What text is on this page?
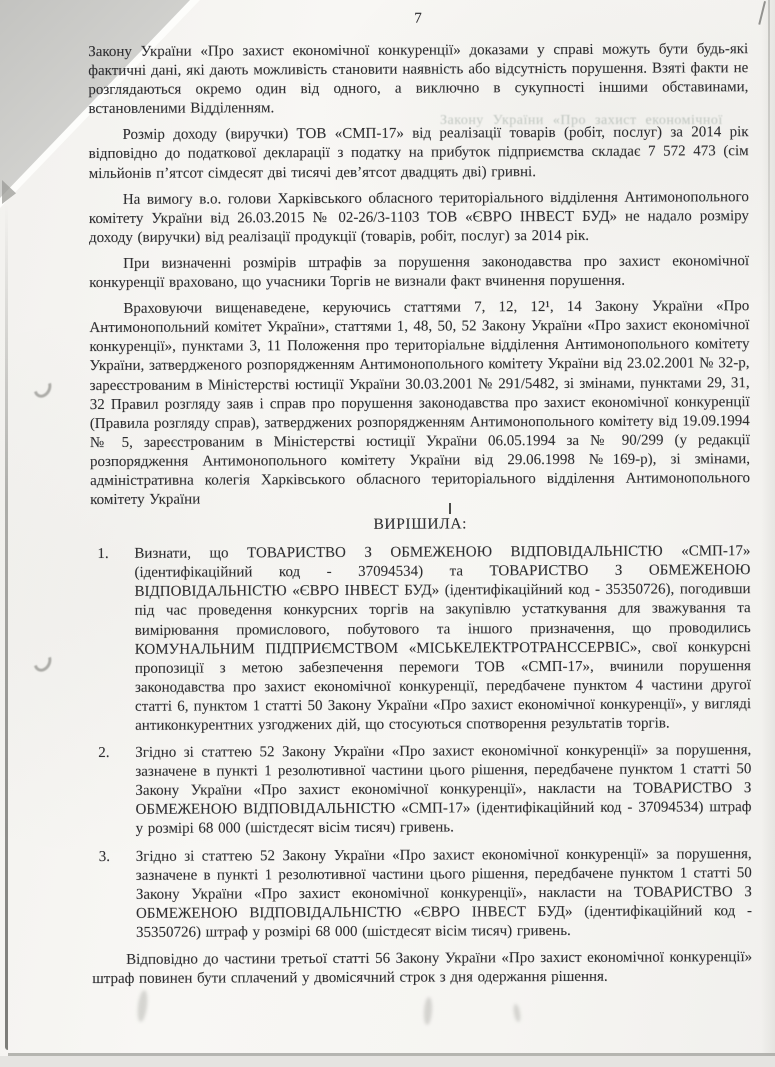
Закону України «Про захист економічної
7

Закону України «Про захист економічної конкуренції» доказами у справі можуть бути будь-які фактичні дані, які дають можливість становити наявність або відсутність порушення. Взяті факти не розглядаються окремо один від одного, а виключно в сукупності іншими обставинами, встановленими Відділенням.

Розмір доходу (виручки) ТОВ «СМП-17» від реалізації товарів (робіт, послуг) за 2014 рік відповідно до податкової декларації з податку на прибуток підприємства складає 7 572 473 (сім мільйонів п’ятсот сімдесят дві тисячі дев’ятсот двадцять дві) гривні.

На вимогу в.о. голови Харківського обласного територіального відділення Антимонопольного комітету України від 26.03.2015 № 02-26/3-1103 ТОВ «ЄВРО ІНВЕСТ БУД» не надало розміру доходу (виручки) від реалізації продукції (товарів, робіт, послуг) за 2014 рік.

При визначенні розмірів штрафів за порушення законодавства про захист економічної конкуренції враховано, що учасники Торгів не визнали факт вчинення порушення.

Враховуючи вищенаведене, керуючись статтями 7, 12, 12¹, 14 Закону України «Про Антимонопольний комітет України», статтями 1, 48, 50, 52 Закону України «Про захист економічної конкуренції», пунктами 3, 11 Положення про територіальне відділення Антимонопольного комітету України, затвердженого розпорядженням Антимонопольного комітету України від 23.02.2001 № 32-р, зареєстрованим в Міністерстві юстиції України 30.03.2001 № 291/5482, зі змінами, пунктами 29, 31, 32 Правил розгляду заяв і справ про порушення законодавства про захист економічної конкуренції (Правила розгляду справ), затверджених розпорядженням Антимонопольного комітету від 19.09.1994 № 5, зареєстрованим в Міністерстві юстиції України 06.05.1994 за № 90/299 (у редакції розпорядження Антимонопольного комітету України від 29.06.1998 №169-р), зі змінами, адміністративна колегія Харківського обласного територіального відділення Антимонопольного комітету України

ВИРІШИЛА:
1.	Визнати, що ТОВАРИСТВО З ОБМЕЖЕНОЮ ВІДПОВІДАЛЬНІСТЮ «СМП-17» (ідентифікаційний код - 37094534) та ТОВАРИСТВО З ОБМЕЖЕНОЮ ВІДПОВІДАЛЬНІСТЮ «ЄВРО ІНВЕСТ БУД» (ідентифікаційний код - 35350726), погодивши під час проведення конкурсних торгів на закупівлю устаткування для зважування та вимірювання промислового, побутового та іншого призначення, що проводились КОМУНАЛЬНИМ ПІДПРИЄМСТВОМ «МІСЬКЕЛЕКТРОТРАНССЕРВІС», свої конкурсні пропозиції з метою забезпечення перемоги ТОВ «СМП-17», вчинили порушення законодавства про захист економічної конкуренції, передбачене пунктом 4 частини другої статті 6, пунктом 1 статті 50 Закону України «Про захист економічної конкуренції», у вигляді антиконкурентних узгоджених дій, що стосуються спотворення результатів торгів.
2.	Згідно зі статтею 52 Закону України «Про захист економічної конкуренції» за порушення, зазначене в пункті 1 резолютивної частини цього рішення, передбачене пунктом 1 статті 50 Закону України «Про захист економічної конкуренції», накласти на ТОВАРИСТВО З ОБМЕЖЕНОЮ ВІДПОВІДАЛЬНІСТЮ «СМП-17» (ідентифікаційний код - 37094534) штраф у розмірі 68 000 (шістдесят вісім тисяч) гривень.
3.	Згідно зі статтею 52 Закону України «Про захист економічної конкуренції» за порушення, зазначене в пункті 1 резолютивної частини цього рішення, передбачене пунктом 1 статті 50 Закону України «Про захист економічної конкуренції», накласти на ТОВАРИСТВО З ОБМЕЖЕНОЮ ВІДПОВІДАЛЬНІСТЮ «ЄВРО ІНВЕСТ БУД» (ідентифікаційний код - 35350726) штраф у розмірі 68 000 (шістдесят вісім тисяч) гривень.

Відповідно до частини третьої статті 56 Закону України «Про захист економічної конкуренції» штраф повинен бути сплачений у двомісячний строк з дня одержання рішення.
